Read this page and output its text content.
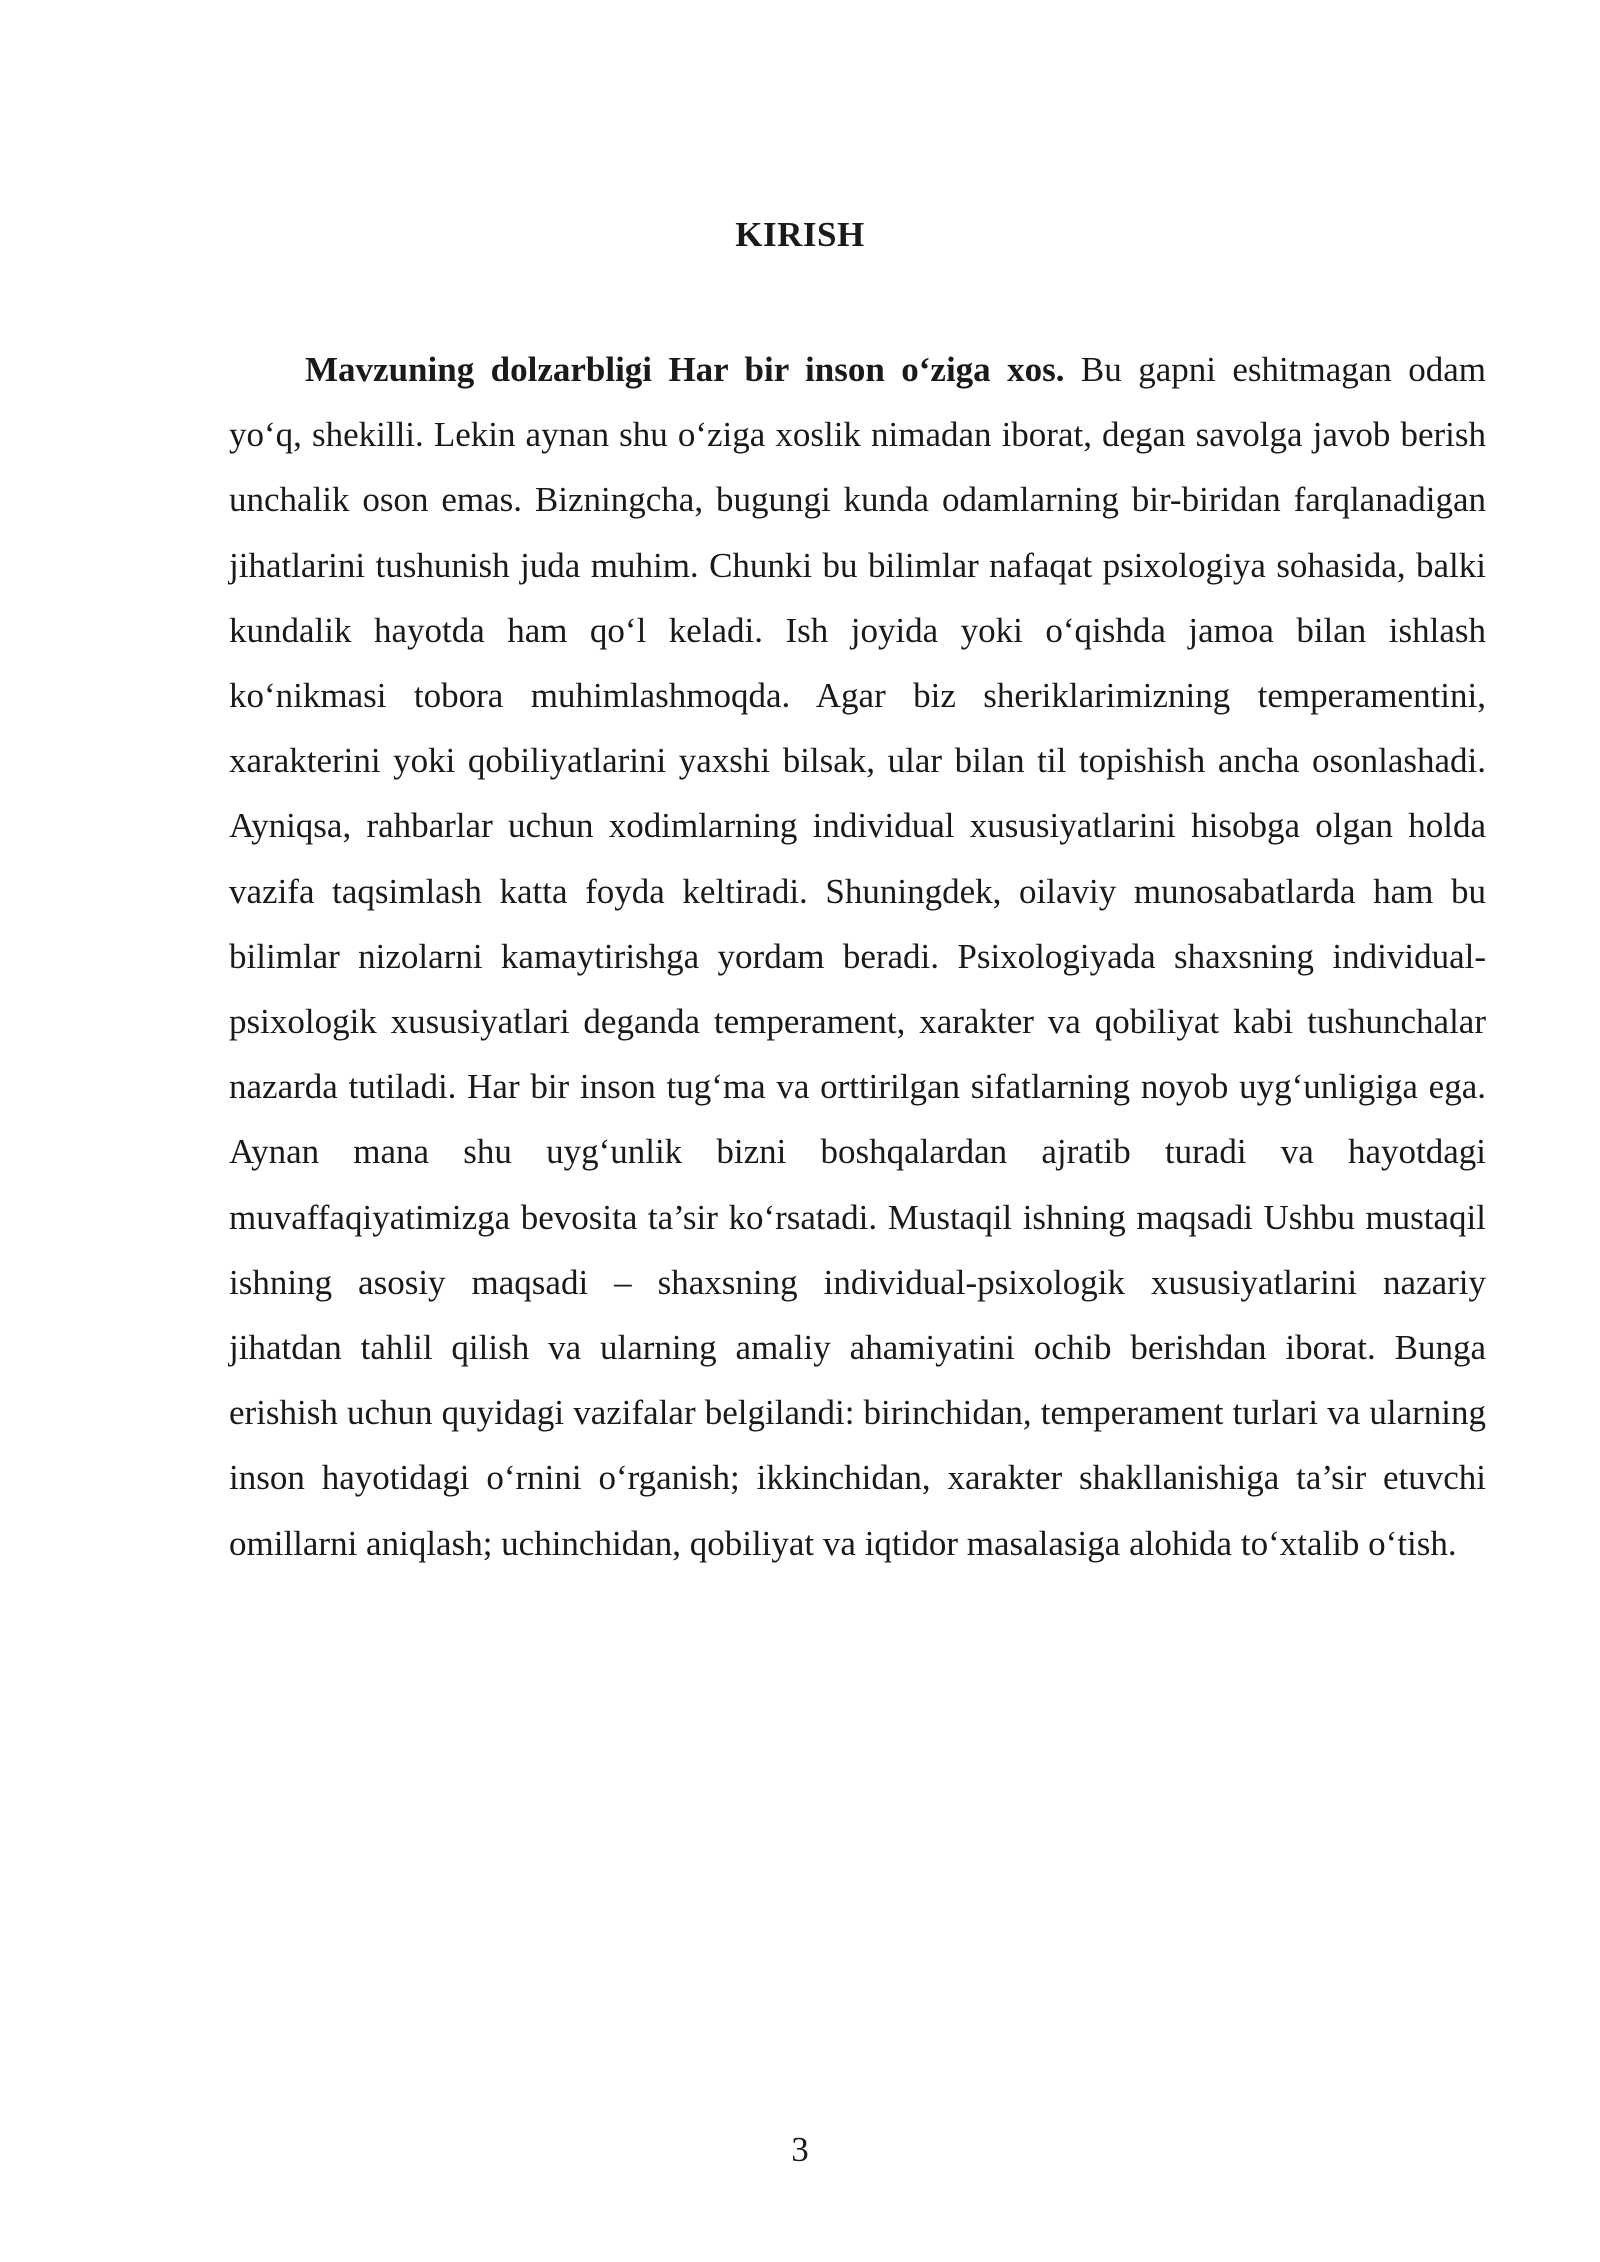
KIRISH

Mavzuning dolzarbligi Har bir inson o‘ziga xos. Bu gapni eshitmagan odam yo‘q, shekilli. Lekin aynan shu o‘ziga xoslik nimadan iborat, degan savolga javob berish unchalik oson emas. Bizningcha, bugungi kunda odamlarning bir-biridan farqlanadigan jihatlarini tushunish juda muhim. Chunki bu bilimlar nafaqat psixologiya sohasida, balki kundalik hayotda ham qo‘l keladi. Ish joyida yoki o‘qishda jamoa bilan ishlash ko‘nikmasi tobora muhimlashmoqda. Agar biz sheriklarimizning temperamentini, xarakterini yoki qobiliyatlarini yaxshi bilsak, ular bilan til topishish ancha osonlashadi. Ayniqsa, rahbarlar uchun xodimlarning individual xususiyatlarini hisobga olgan holda vazifa taqsimlash katta foyda keltiradi. Shuningdek, oilaviy munosabatlarda ham bu bilimlar nizolarni kamaytirishga yordam beradi. Psixologiyada shaxsning individual-psixologik xususiyatlari deganda temperament, xarakter va qobiliyat kabi tushunchalar nazarda tutiladi. Har bir inson tug‘ma va orttirilgan sifatlarning noyob uyg‘unligiga ega. Aynan mana shu uyg‘unlik bizni boshqalardan ajratib turadi va hayotdagi muvaffaqiyatimizga bevosita ta’sir ko‘rsatadi. Mustaqil ishning maqsadi Ushbu mustaqil ishning asosiy maqsadi – shaxsning individual-psixologik xususiyatlarini nazariy jihatdan tahlil qilish va ularning amaliy ahamiyatini ochib berishdan iborat. Bunga erishish uchun quyidagi vazifalar belgilandi: birinchidan, temperament turlari va ularning inson hayotidagi o‘rnini o‘rganish; ikkinchidan, xarakter shakllanishiga ta’sir etuvchi omillarni aniqlash; uchinchidan, qobiliyat va iqtidor masalasiga alohida to‘xtalib o‘tish.

3
